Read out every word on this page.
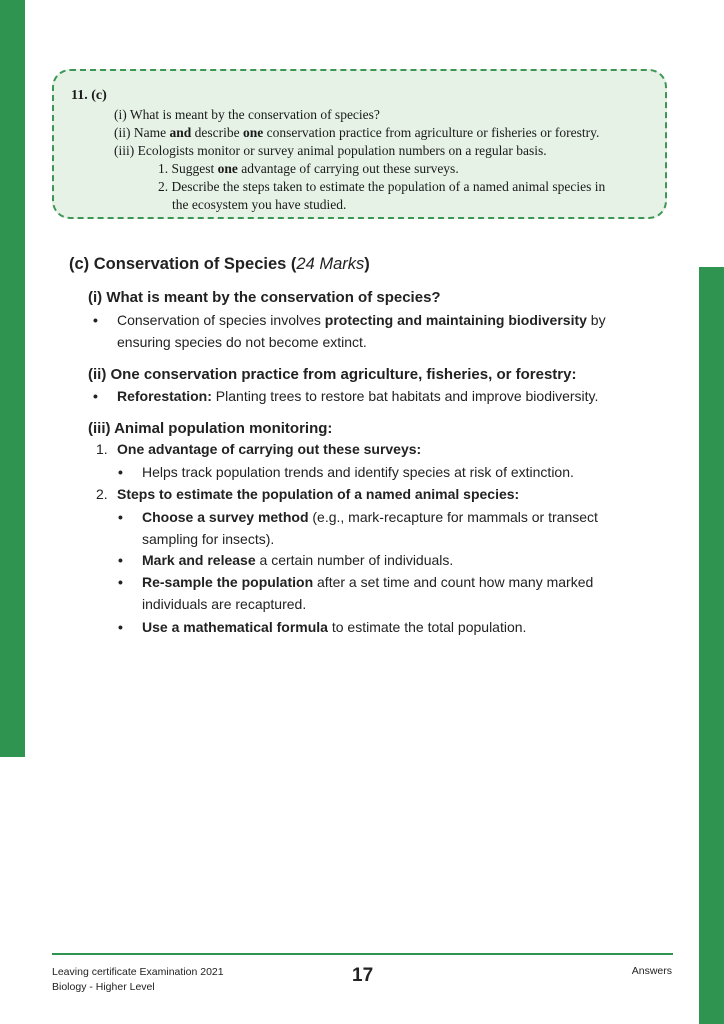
11. (c)
(i) What is meant by the conservation of species?
(ii) Name and describe one conservation practice from agriculture or fisheries or forestry.
(iii) Ecologists monitor or survey animal population numbers on a regular basis.
1. Suggest one advantage of carrying out these surveys.
2. Describe the steps taken to estimate the population of a named animal species in
the ecosystem you have studied.
(c) Conservation of Species (24 Marks)
(i) What is meant by the conservation of species?
• Conservation of species involves protecting and maintaining biodiversity by ensuring species do not become extinct.
(ii) One conservation practice from agriculture, fisheries, or forestry:
• Reforestation: Planting trees to restore bat habitats and improve biodiversity.
(iii) Animal population monitoring:
1. One advantage of carrying out these surveys:
• Helps track population trends and identify species at risk of extinction.
2. Steps to estimate the population of a named animal species:
• Choose a survey method (e.g., mark-recapture for mammals or transect sampling for insects).
• Mark and release a certain number of individuals.
• Re-sample the population after a set time and count how many marked individuals are recaptured.
• Use a mathematical formula to estimate the total population.
Leaving certificate Examination 2021
Biology - Higher Level
17	Answers
